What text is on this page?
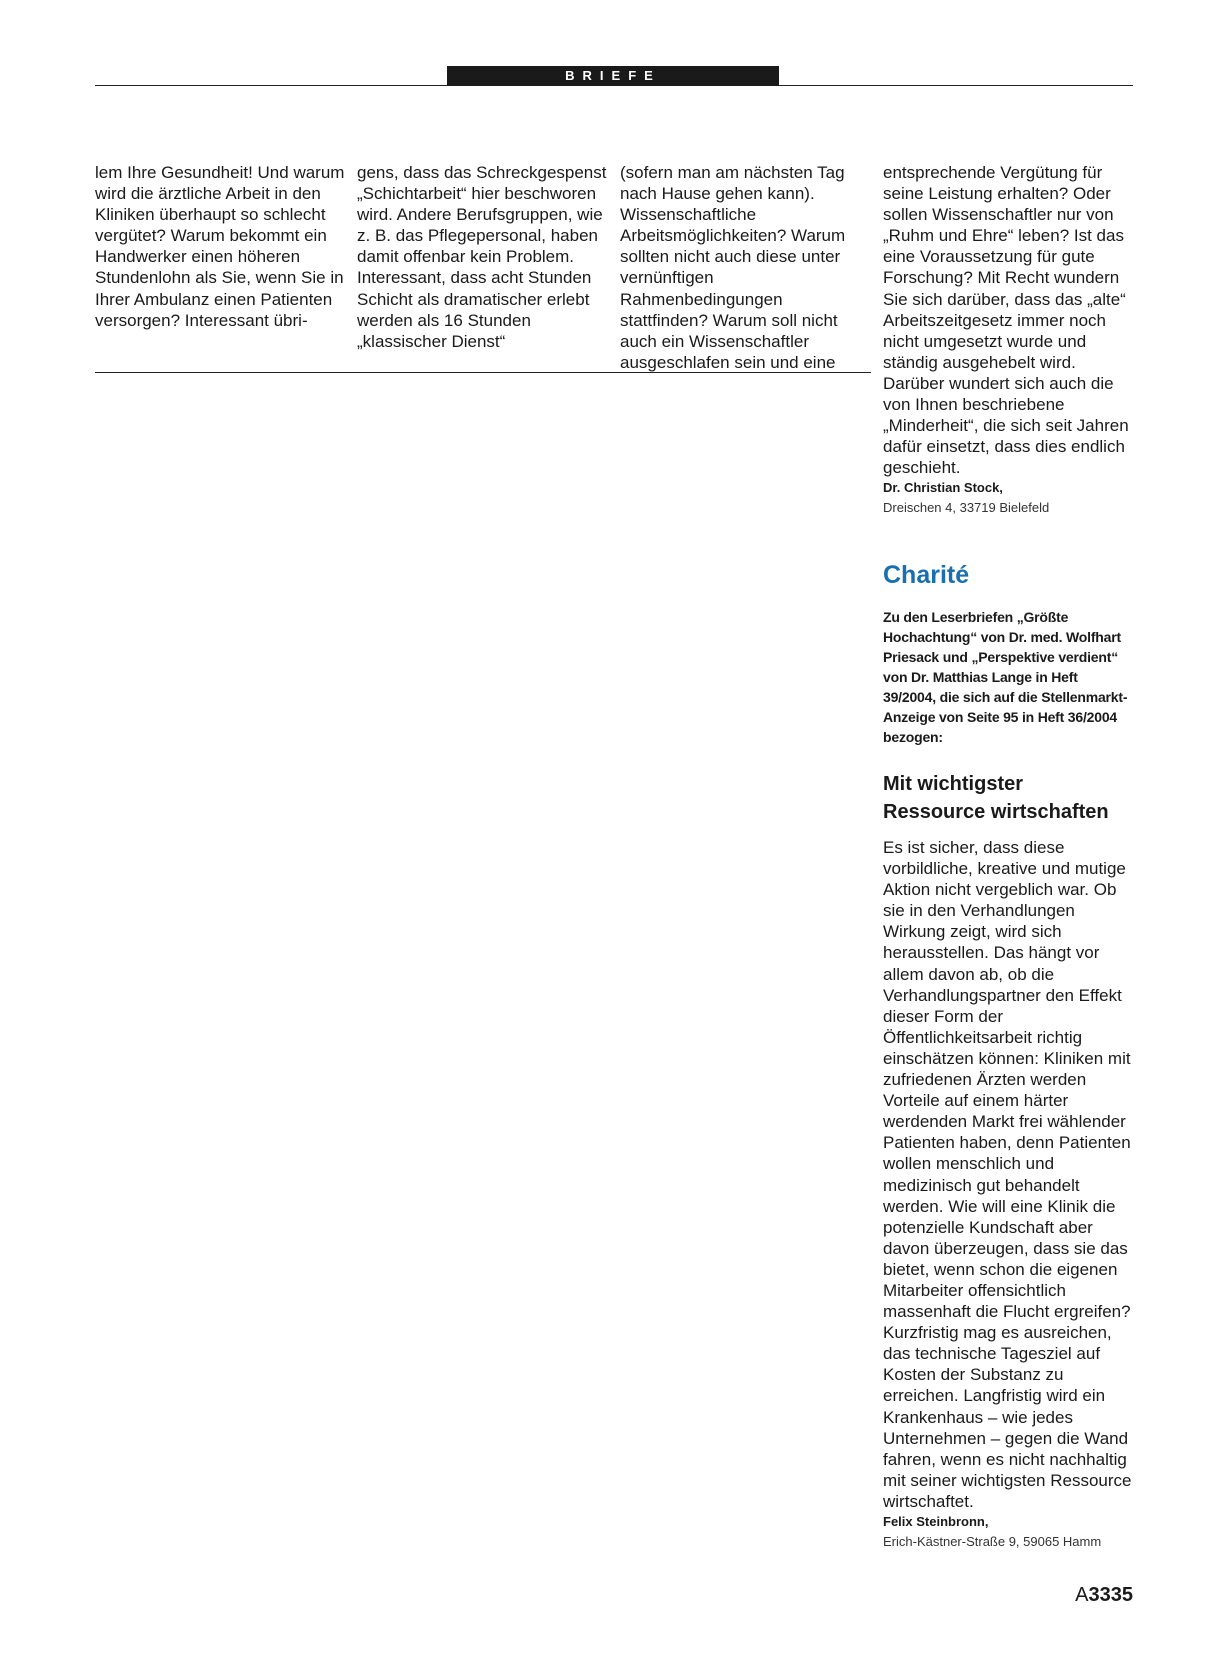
BRIEFE

lem Ihre Gesundheit! Und warum wird die ärztliche Arbeit in den Kliniken überhaupt so schlecht vergütet? Warum bekommt ein Handwerker einen höheren Stundenlohn als Sie, wenn Sie in Ihrer Ambulanz einen Patienten versorgen? Interessant übri-

gens, dass das Schreckgespenst „Schichtarbeit“ hier beschworen wird. Andere Berufsgruppen, wie z. B. das Pflegepersonal, haben damit offenbar kein Problem. Interessant, dass acht Stunden Schicht als dramatischer erlebt werden als 16 Stunden „klassischer Dienst“

(sofern man am nächsten Tag nach Hause gehen kann). Wissenschaftliche Arbeitsmöglichkeiten? Warum sollten nicht auch diese unter vernünftigen Rahmenbedingungen stattfinden? Warum soll nicht auch ein Wissenschaftler ausgeschlafen sein und eine

entsprechende Vergütung für seine Leistung erhalten? Oder sollen Wissenschaftler nur von „Ruhm und Ehre“ leben? Ist das eine Voraussetzung für gute Forschung? Mit Recht wundern Sie sich darüber, dass das „alte“ Arbeitszeitgesetz immer noch nicht umgesetzt wurde und ständig ausgehebelt wird. Darüber wundert sich auch die von Ihnen beschriebene „Minderheit“, die sich seit Jahren dafür einsetzt, dass dies endlich geschieht.

Dr. Christian Stock,

Dreischen 4, 33719 Bielefeld

Charité
Zu den Leserbriefen „Größte Hochachtung“ von Dr. med. Wolfhart Priesack und „Perspektive verdient“ von Dr. Matthias Lange in Heft 39/2004, die sich auf die Stellenmarkt-Anzeige von Seite 95 in Heft 36/2004 bezogen:
Mit wichtigster
Ressource wirtschaften

Es ist sicher, dass diese vorbildliche, kreative und mutige Aktion nicht vergeblich war. Ob sie in den Verhandlungen Wirkung zeigt, wird sich herausstellen. Das hängt vor allem davon ab, ob die Verhandlungspartner den Effekt dieser Form der Öffentlichkeitsarbeit richtig einschätzen können: Kliniken mit zufriedenen Ärzten werden Vorteile auf einem härter werdenden Markt frei wählender Patienten haben, denn Patienten wollen menschlich und medizinisch gut behandelt werden. Wie will eine Klinik die potenzielle Kundschaft aber davon überzeugen, dass sie das bietet, wenn schon die eigenen Mitarbeiter offensichtlich massenhaft die Flucht ergreifen? Kurzfristig mag es ausreichen, das technische Tagesziel auf Kosten der Substanz zu erreichen. Langfristig wird ein Krankenhaus – wie jedes Unternehmen – gegen die Wand fahren, wenn es nicht nachhaltig mit seiner wichtigsten Ressource wirtschaftet.

Felix Steinbronn,

Erich-Kästner-Straße 9, 59065 Hamm

A3335
